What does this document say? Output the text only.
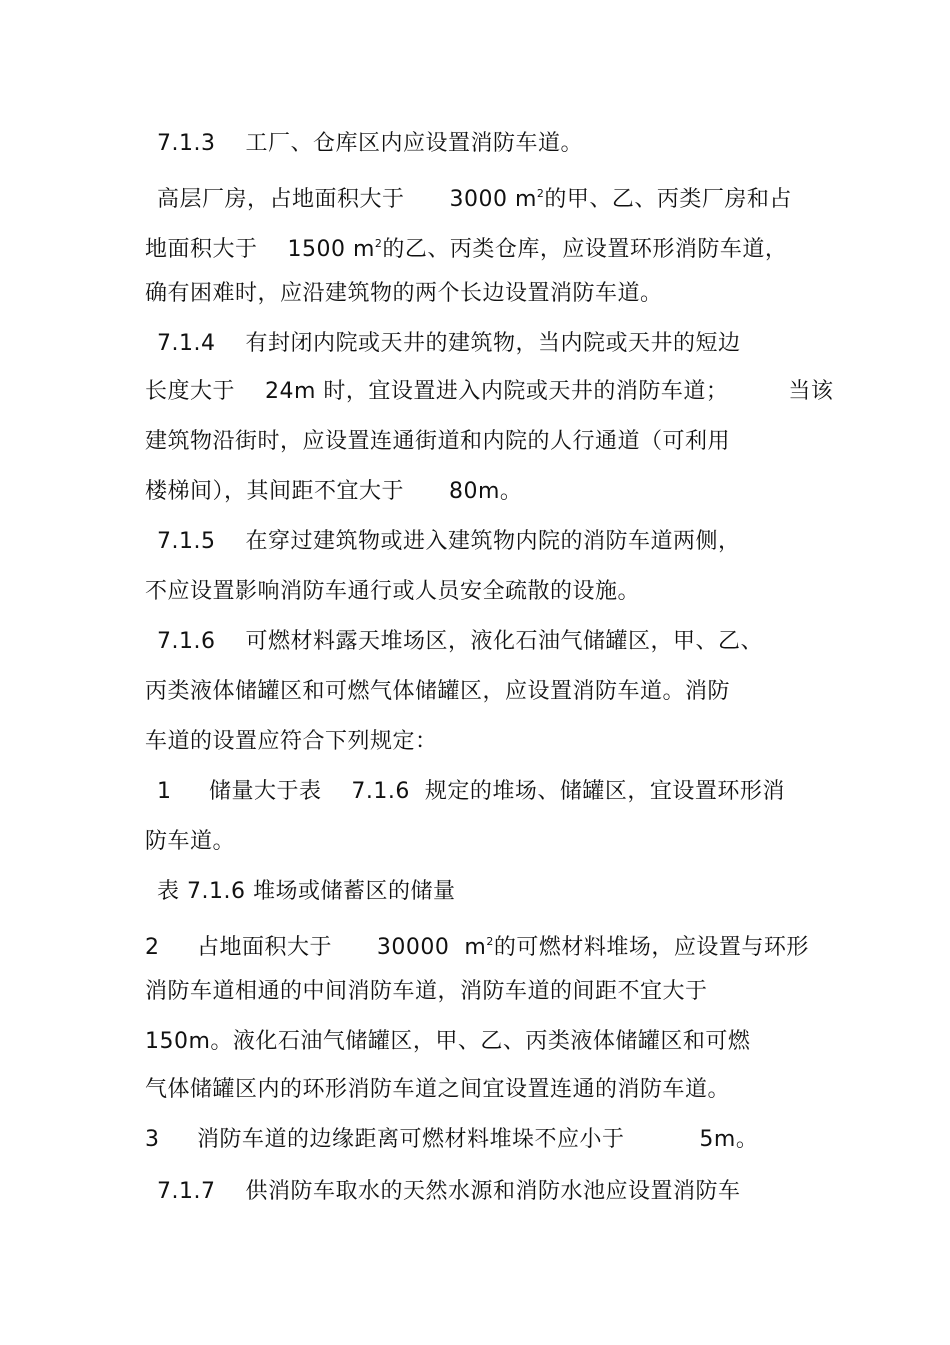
7.1.3    工厂、仓库区内应设置消防车道。
高层厂房，占地面积大于      3000 $m^2$的甲、乙、丙类厂房和占
地面积大于    1500 $m^2$的乙、丙类仓库，应设置环形消防车道，
确有困难时，应沿建筑物的两个长边设置消防车道。
7.1.4    有封闭内院或天井的建筑物，当内院或天井的短边
长度大于    24m 时，宜设置进入内院或天井的消防车道；        当该
建筑物沿街时，应设置连通街道和内院的人行通道（可利用
楼梯间），其间距不宜大于      80m。
7.1.5    在穿过建筑物或进入建筑物内院的消防车道两侧，
不应设置影响消防车通行或人员安全疏散的设施。
7.1.6    可燃材料露天堆场区，液化石油气储罐区，甲、乙、
丙类液体储罐区和可燃气体储罐区，应设置消防车道。消防
车道的设置应符合下列规定：
1     储量大于表    7.1.6  规定的堆场、储罐区，宜设置环形消
防车道。
表 7.1.6 堆场或储蓄区的储量
2     占地面积大于      30000  $m^2$的可燃材料堆场，应设置与环形
消防车道相通的中间消防车道，消防车道的间距不宜大于
150m。液化石油气储罐区，甲、乙、丙类液体储罐区和可燃
气体储罐区内的环形消防车道之间宜设置连通的消防车道。
3     消防车道的边缘距离可燃材料堆垛不应小于          5m。
7.1.7    供消防车取水的天然水源和消防水池应设置消防车
